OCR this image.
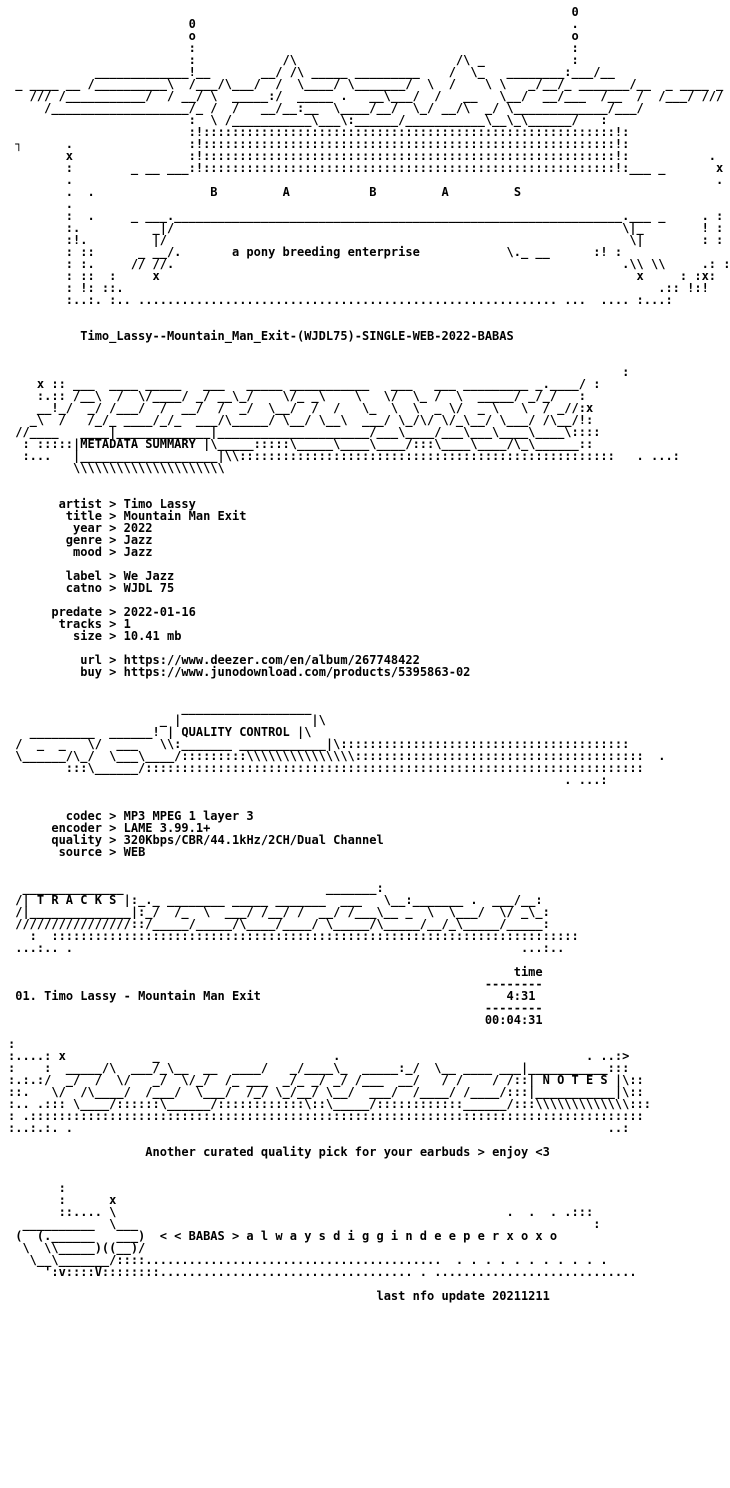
0
0                                                    .
o                                                    o
:                                                    :
:            /\                      /\ _            :
_____________!__       __/ /\ _____ _________    /  \_   ________:___/__
_ ____ __ /__________\  /___/\___/  /  \____/ \_______/  \  /    \ \   _/__/_ _______/__  _ ____ _
/// /___________/  / __/ \  _____:/  _____ .   __\___/  /   __   \__/  __/___  /__  /  /___/ ///
/___________________/_ /  /   __/__:__  \____/__/  \_/ __/\  _/ \_____________/___/
:  \ /___________\___\:______/___________\__\_\______/   :
:!:::::::::::::::::::::::::::::::::::::::::::::::::::::::::!:
┐      .                :!:::::::::::::::::::::::::::::::::::::::::::::::::::::::::!:
x                :!:::::::::::::::::::::::::::::::::::::::::::::::::::::::::!:           .
:        _ __ ___:!:::::::::::::::::::::::::::::::::::::::::::::::::::::::::!:___ _       x
.                                                                                         .
.  .	B	A	B	A	S
.
:  .     _ ___.______________________________________________________________.___ _     . :
:.          _|/                                                              \|_        ! :
:!.         |/                                                                \|        : :
: ::      _ __/.	a pony breeding enterprise	\._ __      :! :
: :.     // //.                                                              .\\ \\     .: :
: ::  :     x                                                                  x     : :x:
: !: ::.                                                                          .:: !:!
:..:. :.. .......................................................... ...  .... :...:
Timo_Lassy--Mountain_Man_Exit-(WJDL75)-SINGLE-WEB-2022-BABAS
:
x :: ___  ____ _____   ___   _____ ___________   ___   ___ _________ _.____/ :
:.:: /__\  /  \/____/ _/ __\_/    \/_ _\    \   \/  \_ /  \  _____/ _/_/   :
__!_/  _/ /___/  /  __/  /  _/  \__/  /  /   \_  \  \  _ \/  _ \   \  / _//:x
_\  /   /_/_ ____/_/_  ___/\_____/ \__/ \__\  ___/ \_/\/ \/_\__/ \___/ /\__/!:
//____   ____|_____________|_____________________/___\____/___\___\____\____\::::
: :::::|METADATA SUMMARY |\_____:::::\_____\____\____/:::\____\____/\_\______::
:...   |___________________|\\::::::::::::::::::::::::::::::::::::::::::::::::::::   . ...:
\\\\\\\\\\\\\\\\\\\\\
artist > Timo Lassy
title > Mountain Man Exit
year > 2022
genre > Jazz
mood > Jazz
label > We Jazz
catno > WJDL 75
predate > 2022-01-16
tracks > 1
size > 10.41 mb
url > https://www.deezer.com/en/album/267748422
buy > https://www.junodownload.com/products/5395863-02
__________________
_ |                  |\
_________  ______! | QUALITY CONTROL |\
/  _  _   \/  ___   \\:_______ ____________|\::::::::::::::::::::::::::::::::::::::::
\______/\_/  \___\____/:::::::::\\\\\\\\\\\\\\\::::::::::::::::::::::::::::::::::::::::  .
:::\______/:::::::::::::::::::::::::::::::::::::::::::::::::::::::::::::::::::::
. ...:
codec > MP3 MPEG 1 layer 3
encoder > LAME 3.99.1+
quality > 320Kbps/CBR/44.1kHz/2CH/Dual Channel
source > WEB
______________                            _______:
/| T R A C K S |:_._ ________ _____ _______  ___   \__:_______ .  ___/__:
/|______________|:_/  /_  \  ___/ /__/ /  __/ /___\__ _  \  \___/  \/ _\_:
////////////////::/_____/_____/\____/____/ \_____/\_____/__/_\_____/_____:
:  :::::::::::::::::::::::::::::::::::::::::::::::::::::::::::::::::::::::::
...:.. .                                                              ...:..
time
--------
01. Timo Lassy - Mountain Man Exit	4:31
--------
00:04:31
:
:....: x            _                        .                                  . ..:>
:    :  _____/\  ___/_\__  __  ____/   _/____\_  _____:_/  \__ ____ ___|___________:::
:.:.:/  _/  /  \/   _/  \/_/  /_ ___  _/_ _/ _/ /___  __/   / /    / /::| N O T E S |\::
::.   \/  /\____/  /___/  \___/  /_/ \_/__/ \__/  ___/  /____/ /____/:::|___________|\::
:.. .::: \____/::::::\______/::::::::::::\::\_____/::::::::::::______/:::\\\\\\\\\\\\\:::
: .:::::::::::::::::::::::::::::::::::::::::::::::::::::::::::::::::::::::::::::::::::::
:..:.:. .                                                                          ..:
Another curated quality pick for your earbuds > enjoy <3
:
:      x
::.... \                                                      .  .  . .:::
__________  \___                                                               :
(  (.______   ___)  < < BABAS > a l w a y s d i g g i n d e e p e r x o x o
\  \\_____)((__)/
\__\_______/::::.........................................  . . . . . . . . . . .
':v::::V::::::::................................... . ............................
last nfo update 20211211
